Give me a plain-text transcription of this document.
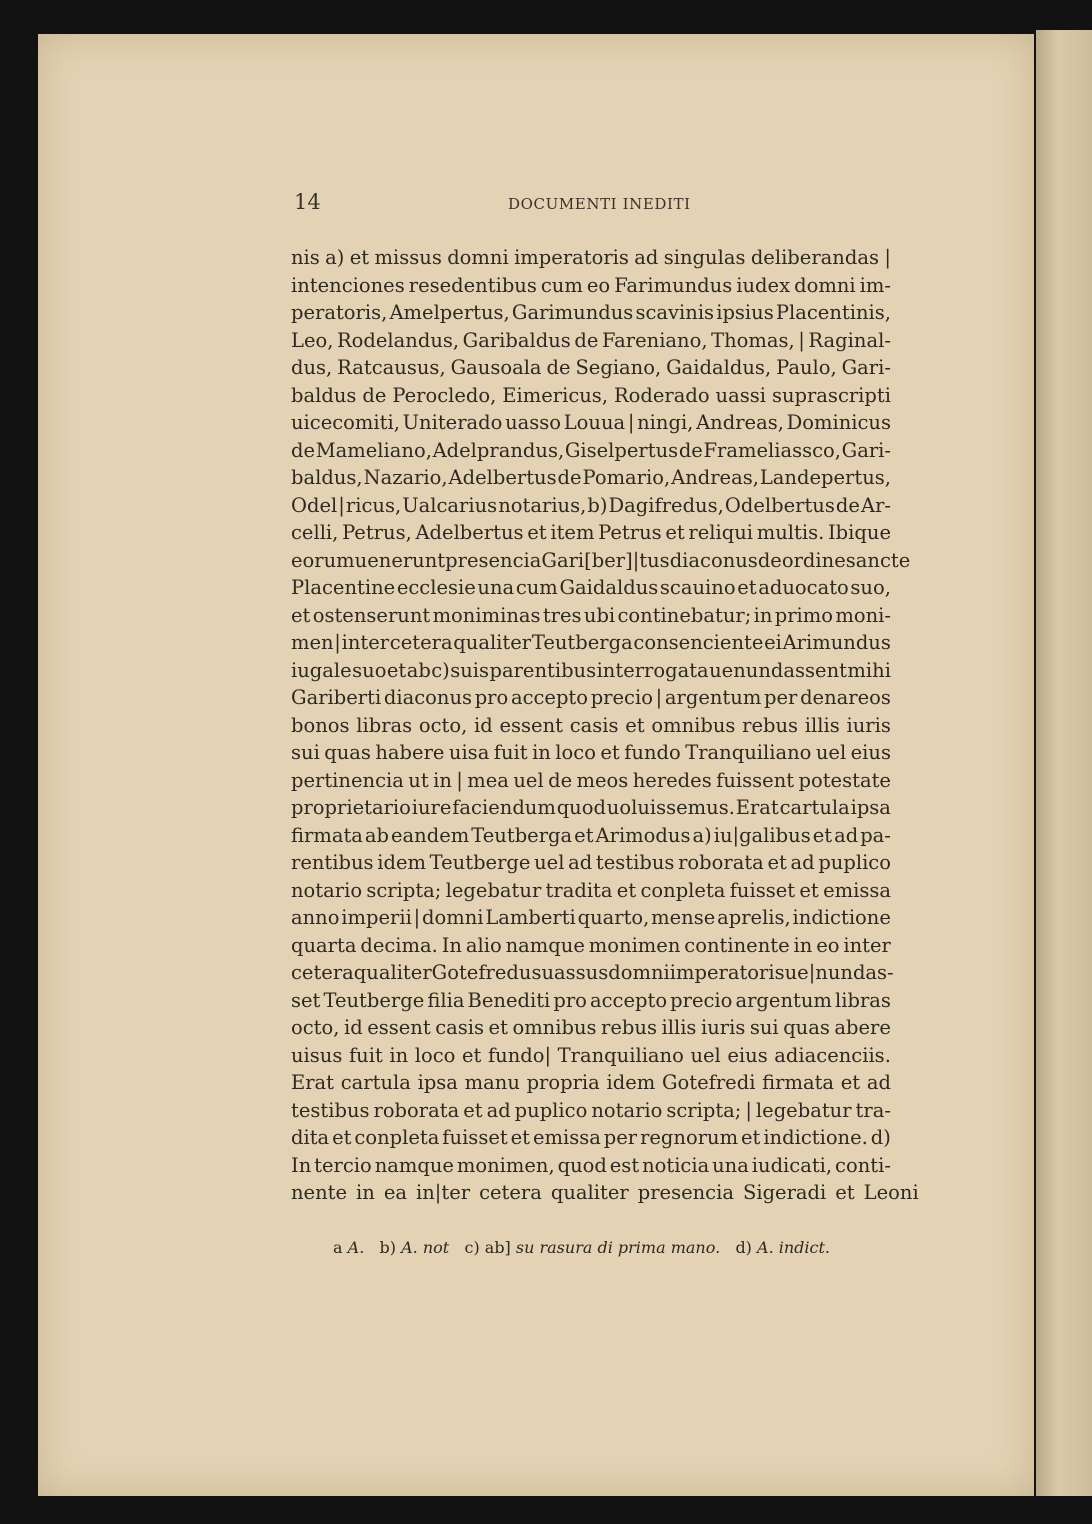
14	DOCUMENTI INEDITI
nis a) et missus domni imperatoris ad singulas deliberandas |
intenciones resedentibus cum eo Farimundus iudex domni im-
peratoris, Amelpertus, Garimundus scavinis ipsius Placentinis,
Leo, Rodelandus, Garibaldus de Fareniano, Thomas, | Raginal-
dus, Ratcausus, Gausoala de Segiano, Gaidaldus, Paulo, Gari-
baldus de Perocledo, Eimericus, Roderado uassi suprascripti
uicecomiti, Uniterado uasso Louua | ningi, Andreas, Dominicus
de Mameliano, Adelprandus, Giselpertus de Frameliassco, Gari-
baldus, Nazario, Adelbertus de Pomario, Andreas, Landepertus,
Odel | ricus, Ualcarius notarius, b) Dagifredus, Odelbertus de Ar-
celli, Petrus, Adelbertus et item Petrus et reliqui multis. Ibique
eorum uenerunt presencia Gari[ber] |tus diaconus de ordine sancte
Placentine ecclesie una cum Gaidaldus scauino et aduocato suo,
et ostenserunt moniminas tres ubi continebatur; in primo moni-
men | inter cetera qualiter Teutberga consenciente ei Arimundus
iugale suo et ab c) suis parentibus interrogata uenundassent mihi
Gariberti diaconus pro accepto precio | argentum per denareos
bonos libras octo, id essent casis et omnibus rebus illis iuris
sui quas habere uisa fuit in loco et fundo Tranquiliano uel eius
pertinencia ut in | mea uel de meos heredes fuissent potestate
proprietario iure faciendum quod uoluissemus. Erat cartula ipsa
firmata ab eandem Teutberga et Arimodus a) iu|galibus et ad pa-
rentibus idem Teutberge uel ad testibus roborata et ad puplico
notario scripta; legebatur tradita et conpleta fuisset et emissa
anno imperii | domni Lamberti quarto, mense aprelis, indictione
quarta decima. In alio namque monimen continente in eo inter
cetera qualiter Gotefredus uassus domni imperatoris ue|nundas-
set Teutberge filia Benediti pro accepto precio argentum libras
octo, id essent casis et omnibus rebus illis iuris sui quas abere
uisus fuit in loco et fundo| Tranquiliano uel eius adiacenciis.
Erat cartula ipsa manu propria idem Gotefredi firmata et ad
testibus roborata et ad puplico notario scripta; | legebatur tra-
dita et conpleta fuisset et emissa per regnorum et indictione. d)
In tercio namque monimen, quod est noticia una iudicati, conti-
nente in ea in|ter cetera qualiter presencia Sigeradi et Leoni
a A. b) A. not c) ab] su rasura di prima mano. d) A. indict.
